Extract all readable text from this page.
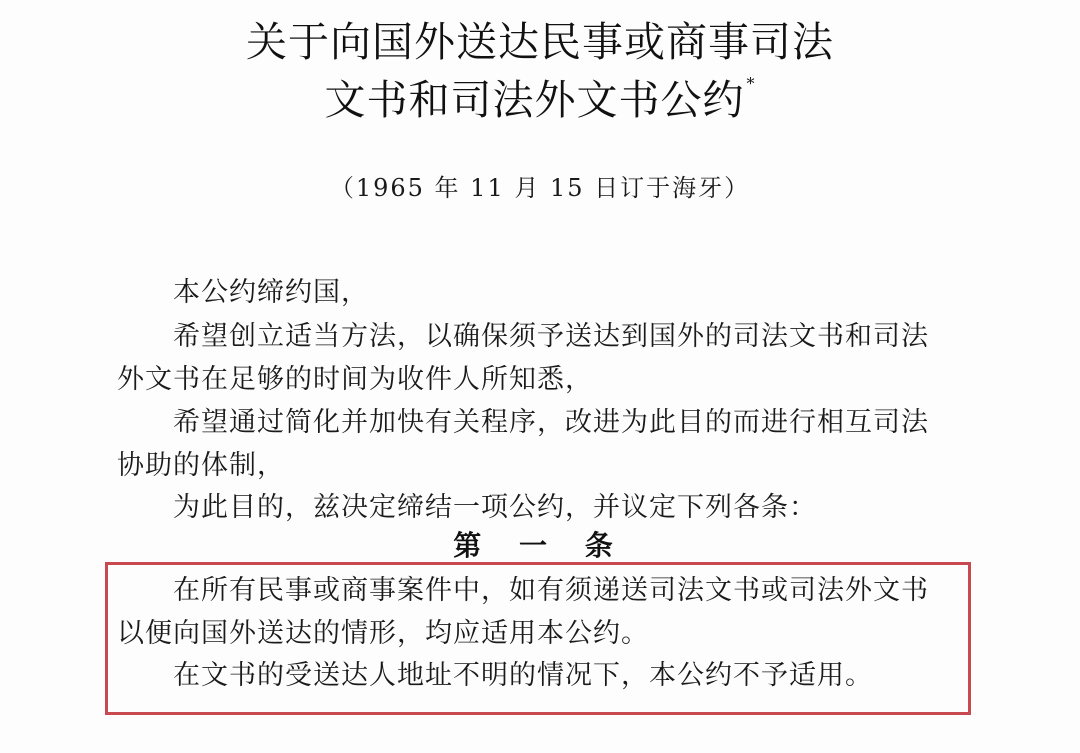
关于向国外送达民事或商事司法
文书和司法外文书公约 *
（1965 年 11 月 15 日订于海牙）
本公约缔约国，
希望创立适当方法，以确保须予送达到国外的司法文书和司法
外文书在足够的时间为收件人所知悉，
希望通过简化并加快有关程序，改进为此目的而进行相互司法
协助的体制，
为此目的，兹决定缔结一项公约，并议定下列各条：
第 一 条
在所有民事或商事案件中，如有须递送司法文书或司法外文书
以便向国外送达的情形，均应适用本公约。
在文书的受送达人地址不明的情况下，本公约不予适用。
